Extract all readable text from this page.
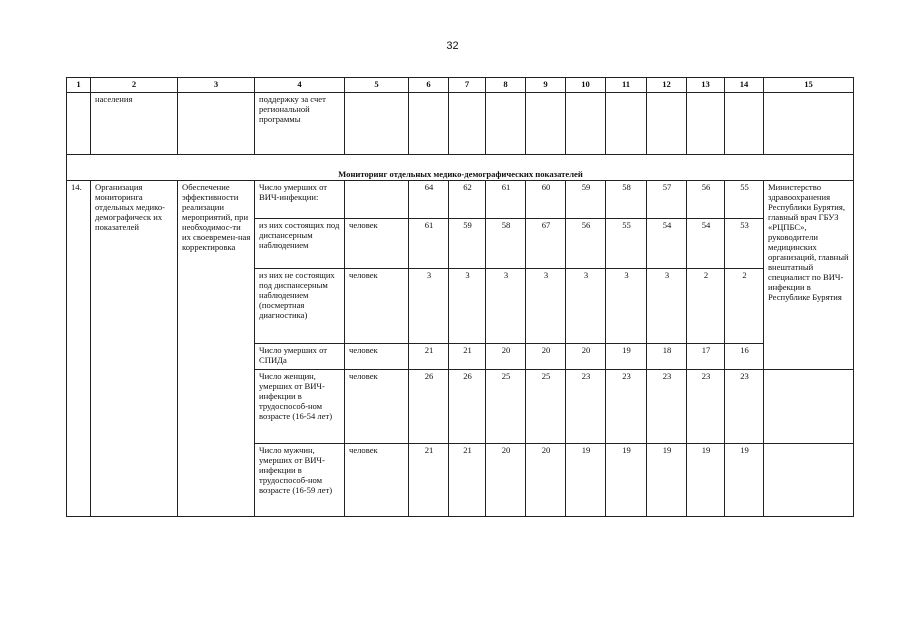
32
1	2	3	4	5	6	7	8	9	10	11	12	13	14	15
	населения		поддержку за счет региональной программы											
Мониторинг отдельных медико-демографических показателей														
14.	Организация мониторинга отдельных медико-демографическ их показателей	Обеспечение эффективности реализации мероприятий, при необходимос-ти их своевремен-ная корректировка	Число умерших от ВИЧ-инфекции:		64	62	61	60	59	58	57	56	55	Министерство здравоохранения Республики Бурятия, главный врач ГБУЗ «РЦПБС», руководители медицинских организаций, главный внештатный специалист по ВИЧ-инфекции в Республике Бурятия
			из них состоящих под диспансерным наблюдением	человек	61	59	58	67	56	55	54	54	53	
			из них не состоящих под диспансерным наблюдением (посмертная диагностика)	человек	3	3	3	3	3	3	3	2	2	
			Число умерших от СПИДа	человек	21	21	20	20	20	19	18	17	16	
			Число женщин, умерших от ВИЧ-инфекции в трудоспособ-ном возрасте (16-54 лет)	человек	26	26	25	25	23	23	23	23	23	
			Число мужчин, умерших от ВИЧ-инфекции в трудоспособ-ном возрасте (16-59 лет)	человек	21	21	20	20	19	19	19	19	19	
